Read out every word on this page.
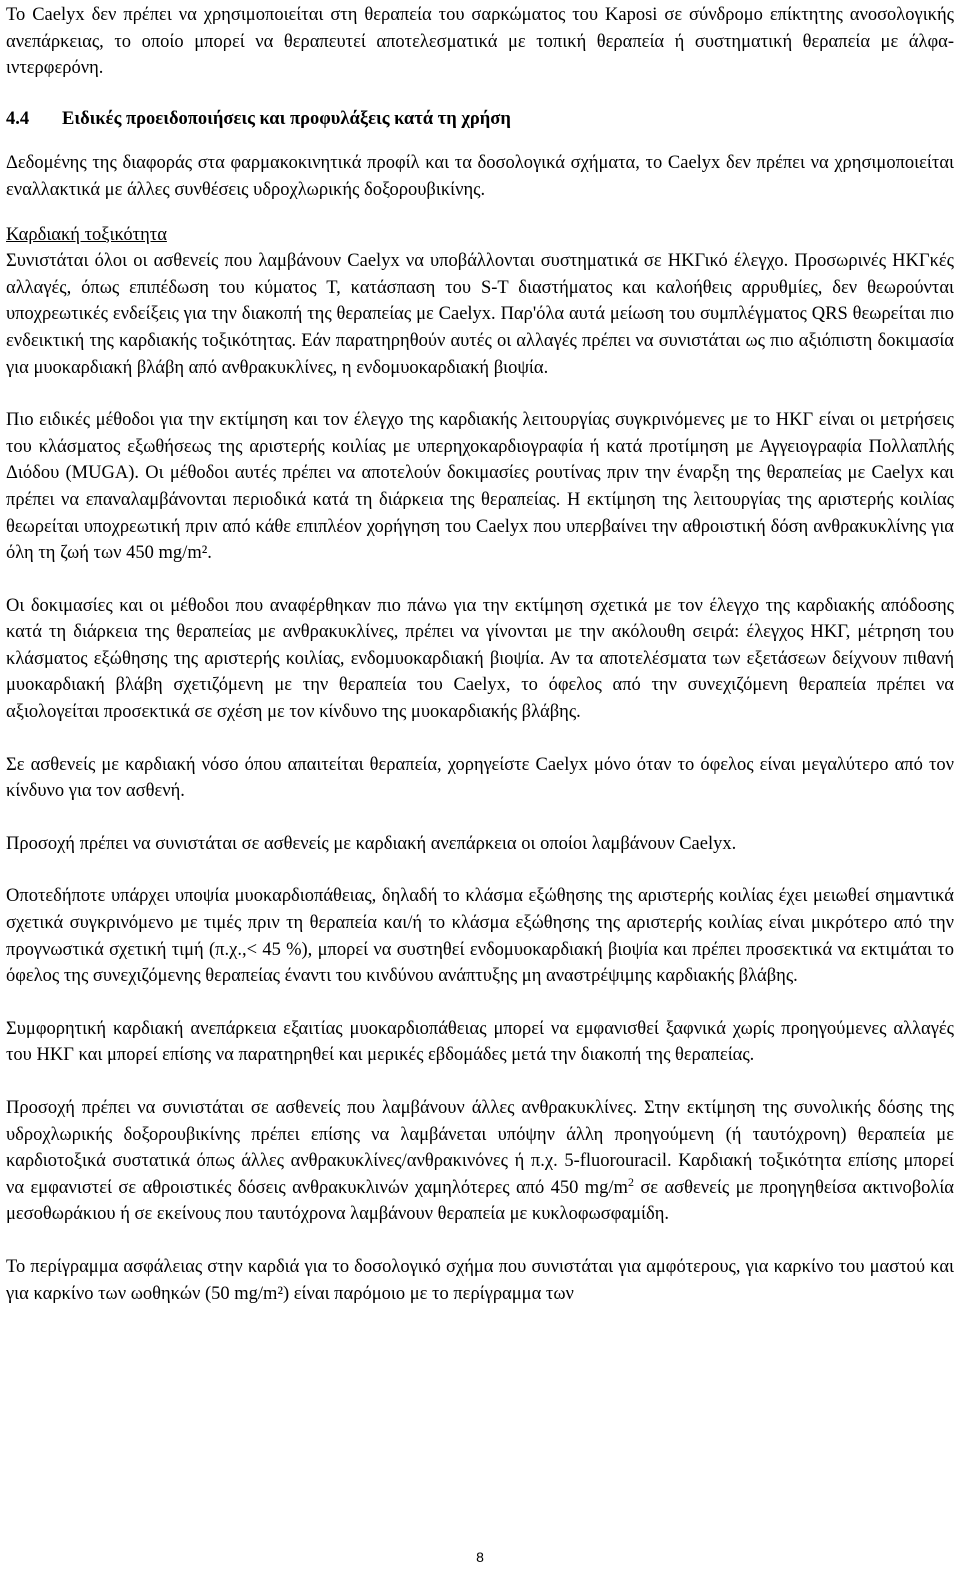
Το Caelyx δεν πρέπει να χρησιμοποιείται στη θεραπεία του σαρκώματος του Kaposi σε σύνδρομο επίκτητης ανοσολογικής ανεπάρκειας, το οποίο μπορεί να θεραπευτεί αποτελεσματικά με τοπική θεραπεία ή συστηματική θεραπεία με άλφα-ιντερφερόνη.

4.4	Ειδικές προειδοποιήσεις και προφυλάξεις κατά τη χρήση

Δεδομένης της διαφοράς στα φαρμακοκινητικά προφίλ και τα δοσολογικά σχήματα, το Caelyx δεν πρέπει να χρησιμοποιείται εναλλακτικά με άλλες συνθέσεις υδροχλωρικής δοξορουβικίνης.

Καρδιακή τοξικότητα

Συνιστάται όλοι οι ασθενείς που λαμβάνουν Caelyx να υποβάλλονται συστηματικά σε ΗΚΓικό έλεγχο. Προσωρινές ΗΚΓκές αλλαγές, όπως επιπέδωση του κύματος Τ, κατάσπαση του S-T διαστήματος και καλοήθεις αρρυθμίες, δεν θεωρούνται υποχρεωτικές ενδείξεις για την διακοπή της θεραπείας με Caelyx. Παρ'όλα αυτά μείωση του συμπλέγματος QRS θεωρείται πιο ενδεικτική της καρδιακής τοξικότητας. Εάν παρατηρηθούν αυτές οι αλλαγές πρέπει να συνιστάται ως πιο αξιόπιστη δοκιμασία για μυοκαρδιακή βλάβη από ανθρακυκλίνες, η ενδομυοκαρδιακή βιοψία.

Πιο ειδικές μέθοδοι για την εκτίμηση και τον έλεγχο της καρδιακής λειτουργίας συγκρινόμενες με το ΗΚΓ είναι οι μετρήσεις του κλάσματος εξωθήσεως της αριστερής κοιλίας με υπερηχοκαρδιογραφία ή κατά προτίμηση με Αγγειογραφία Πολλαπλής Διόδου (MUGA). Οι μέθοδοι αυτές πρέπει να αποτελούν δοκιμασίες ρουτίνας πριν την έναρξη της θεραπείας με Caelyx και πρέπει να επαναλαμβάνονται περιοδικά κατά τη διάρκεια της θεραπείας. Η εκτίμηση της λειτουργίας της αριστερής κοιλίας θεωρείται υποχρεωτική πριν από κάθε επιπλέον χορήγηση του Caelyx που υπερβαίνει την αθροιστική δόση ανθρακυκλίνης για όλη τη ζωή των 450 mg/m².

Οι δοκιμασίες και οι μέθοδοι που αναφέρθηκαν πιο πάνω για την εκτίμηση σχετικά με τον έλεγχο της καρδιακής απόδοσης κατά τη διάρκεια της θεραπείας με ανθρακυκλίνες, πρέπει να γίνονται με την ακόλουθη σειρά: έλεγχος ΗΚΓ, μέτρηση του κλάσματος εξώθησης της αριστερής κοιλίας, ενδομυοκαρδιακή βιοψία. Αν τα αποτελέσματα των εξετάσεων δείχνουν πιθανή μυοκαρδιακή βλάβη σχετιζόμενη με την θεραπεία του Caelyx, το όφελος από την συνεχιζόμενη θεραπεία πρέπει να αξιολογείται προσεκτικά σε σχέση με τον κίνδυνο της μυοκαρδιακής βλάβης.

Σε ασθενείς με καρδιακή νόσο όπου απαιτείται θεραπεία, χορηγείστε Caelyx μόνο όταν το όφελος είναι μεγαλύτερο από τον κίνδυνο για τον ασθενή.

Προσοχή πρέπει να συνιστάται σε ασθενείς με καρδιακή ανεπάρκεια οι οποίοι λαμβάνουν Caelyx.

Οποτεδήποτε υπάρχει υποψία μυοκαρδιοπάθειας, δηλαδή το κλάσμα εξώθησης της αριστερής κοιλίας έχει μειωθεί σημαντικά σχετικά συγκρινόμενο με τιμές πριν τη θεραπεία και/ή το κλάσμα εξώθησης της αριστερής κοιλίας είναι μικρότερο από την προγνωστικά σχετική τιμή (π.χ.,< 45 %), μπορεί να συστηθεί ενδομυοκαρδιακή βιοψία και πρέπει προσεκτικά να εκτιμάται το όφελος της συνεχιζόμενης θεραπείας έναντι του κινδύνου ανάπτυξης μη αναστρέψιμης καρδιακής βλάβης.

Συμφορητική καρδιακή ανεπάρκεια εξαιτίας μυοκαρδιοπάθειας μπορεί να εμφανισθεί ξαφνικά χωρίς προηγούμενες αλλαγές του ΗΚΓ και μπορεί επίσης να παρατηρηθεί και μερικές εβδομάδες μετά την διακοπή της θεραπείας.

Προσοχή πρέπει να συνιστάται σε ασθενείς που λαμβάνουν άλλες ανθρακυκλίνες. Στην εκτίμηση της συνολικής δόσης της υδροχλωρικής δοξορουβικίνης πρέπει επίσης να λαμβάνεται υπόψην άλλη προηγούμενη (ή ταυτόχρονη) θεραπεία με καρδιοτοξικά συστατικά όπως άλλες ανθρακυκλίνες/ανθρακινόνες ή π.χ. 5-fluorouracil. Καρδιακή τοξικότητα επίσης μπορεί να εμφανιστεί σε αθροιστικές δόσεις ανθρακυκλινών χαμηλότερες από 450 $mg/m^2$ σε ασθενείς με προηγηθείσα ακτινοβολία μεσοθωράκιου ή σε εκείνους που ταυτόχρονα λαμβάνουν θεραπεία με κυκλοφωσφαμίδη.

Το περίγραμμα ασφάλειας στην καρδιά για το δοσολογικό σχήμα που συνιστάται για αμφότερους, για καρκίνο του μαστού και για καρκίνο των ωοθηκών (50 mg/m²) είναι παρόμοιο με το περίγραμμα των

8
